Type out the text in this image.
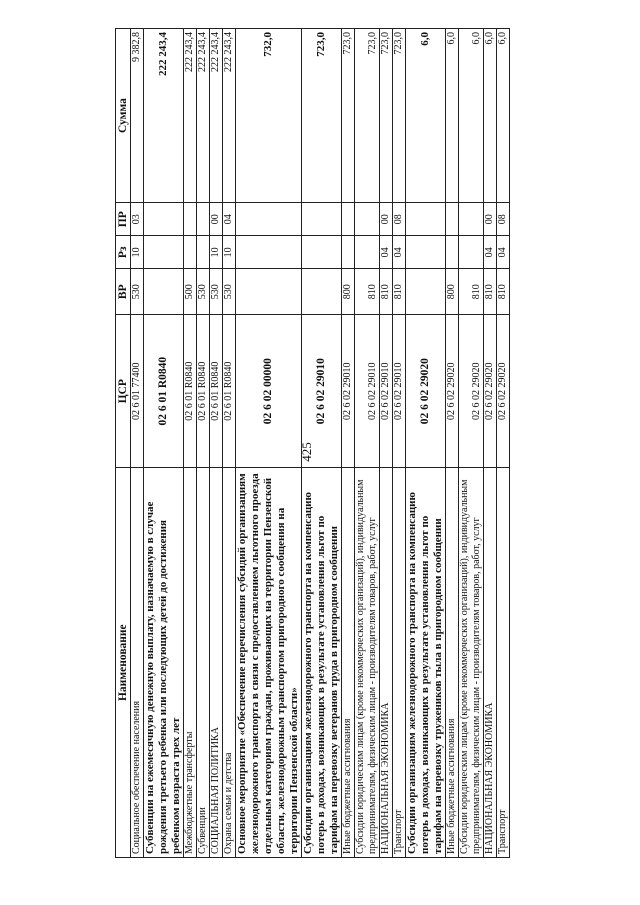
425
Наименование	ЦСР	ВР	Рз	ПР	Сумма
Социальное обеспечение населения	02 6 01 77400	530	10	03	9 382,8
Субвенции на ежемесячную денежную выплату, назначаемую в случае рождения третьего ребенка или последующих детей до достижения ребенком возраста трех лет	02 6 01 R0840				222 243,4
Межбюджетные трансферты	02 6 01 R0840	500			222 243,4
Субвенции	02 6 01 R0840	530			222 243,4
СОЦИАЛЬНАЯ ПОЛИТИКА	02 6 01 R0840	530	10	00	222 243,4
Охрана семьи и детства	02 6 01 R0840	530	10	04	222 243,4
Основное мероприятие «Обеспечение перечисления субсидий организациям железнодорожного транспорта в связи с предоставлением льготного проезда отдельным категориям граждан, проживающих на территории Пензенской области, железнодорожным транспортом пригородного сообщения на территории Пензенской области»	02 6 02 00000				732,0
Субсидии организациям железнодорожного транспорта на компенсацию потерь в доходах, возникающих в результате установления льгот по тарифам на перевозку ветеранов труда в пригородном сообщении	02 6 02 29010				723,0
Иные бюджетные ассигнования	02 6 02 29010	800			723,0
Субсидии юридическим лицам (кроме некоммерческих организаций), индивидуальным предпринимателям, физическим лицам - производителям товаров, работ, услуг	02 6 02 29010	810			723,0
НАЦИОНАЛЬНАЯ ЭКОНОМИКА	02 6 02 29010	810	04	00	723,0
Транспорт	02 6 02 29010	810	04	08	723,0
Субсидии организациям железнодорожного транспорта на компенсацию потерь в доходах, возникающих в результате установления льгот по тарифам на перевозку тружеников тыла в пригородном сообщении	02 6 02 29020				6,0
Иные бюджетные ассигнования	02 6 02 29020	800			6,0
Субсидии юридическим лицам (кроме некоммерческих организаций), индивидуальным предпринимателям, физическим лицам - производителям товаров, работ, услуг	02 6 02 29020	810			6,0
НАЦИОНАЛЬНАЯ ЭКОНОМИКА	02 6 02 29020	810	04	00	6,0
Транспорт	02 6 02 29020	810	04	08	6,0
